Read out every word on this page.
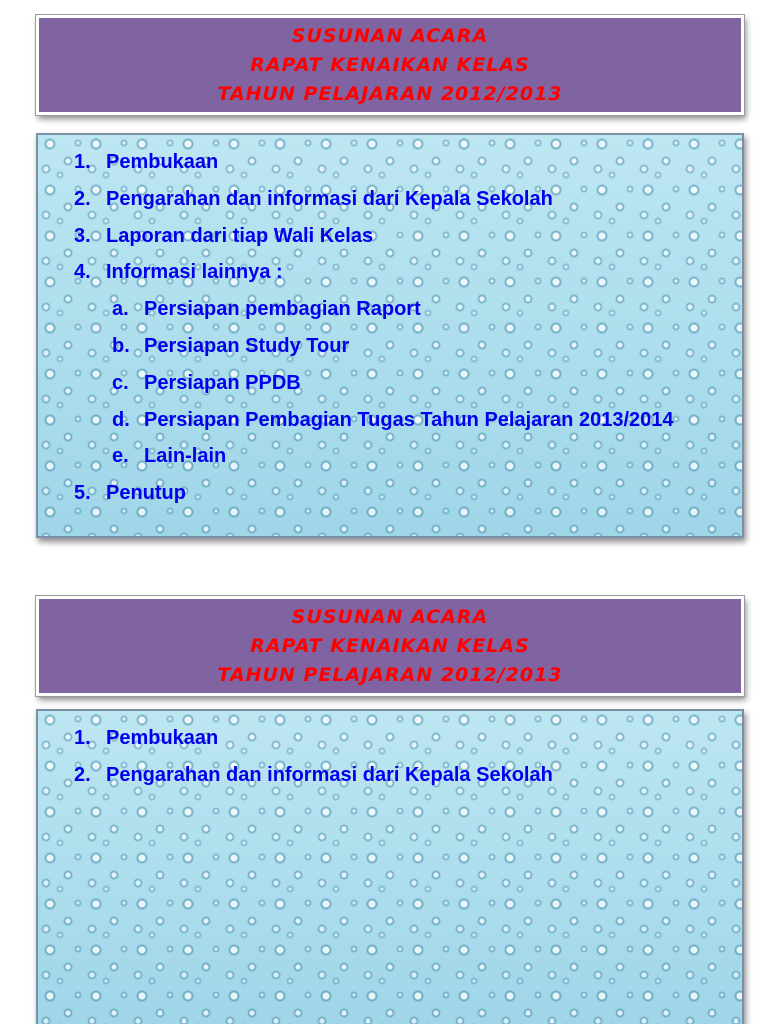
SUSUNAN ACARA
RAPAT KENAIKAN KELAS
TAHUN PELAJARAN 2012/2013
1. Pembukaan
2. Pengarahan dan informasi dari Kepala Sekolah
3. Laporan dari tiap Wali Kelas
4. Informasi lainnya :
a. Persiapan pembagian Raport
b. Persiapan Study Tour
c. Persiapan PPDB
d. Persiapan Pembagian Tugas Tahun Pelajaran 2013/2014
e. Lain-lain
5. Penutup
SUSUNAN ACARA
RAPAT KENAIKAN KELAS
TAHUN PELAJARAN 2012/2013
1. Pembukaan
2. Pengarahan dan informasi dari Kepala Sekolah
